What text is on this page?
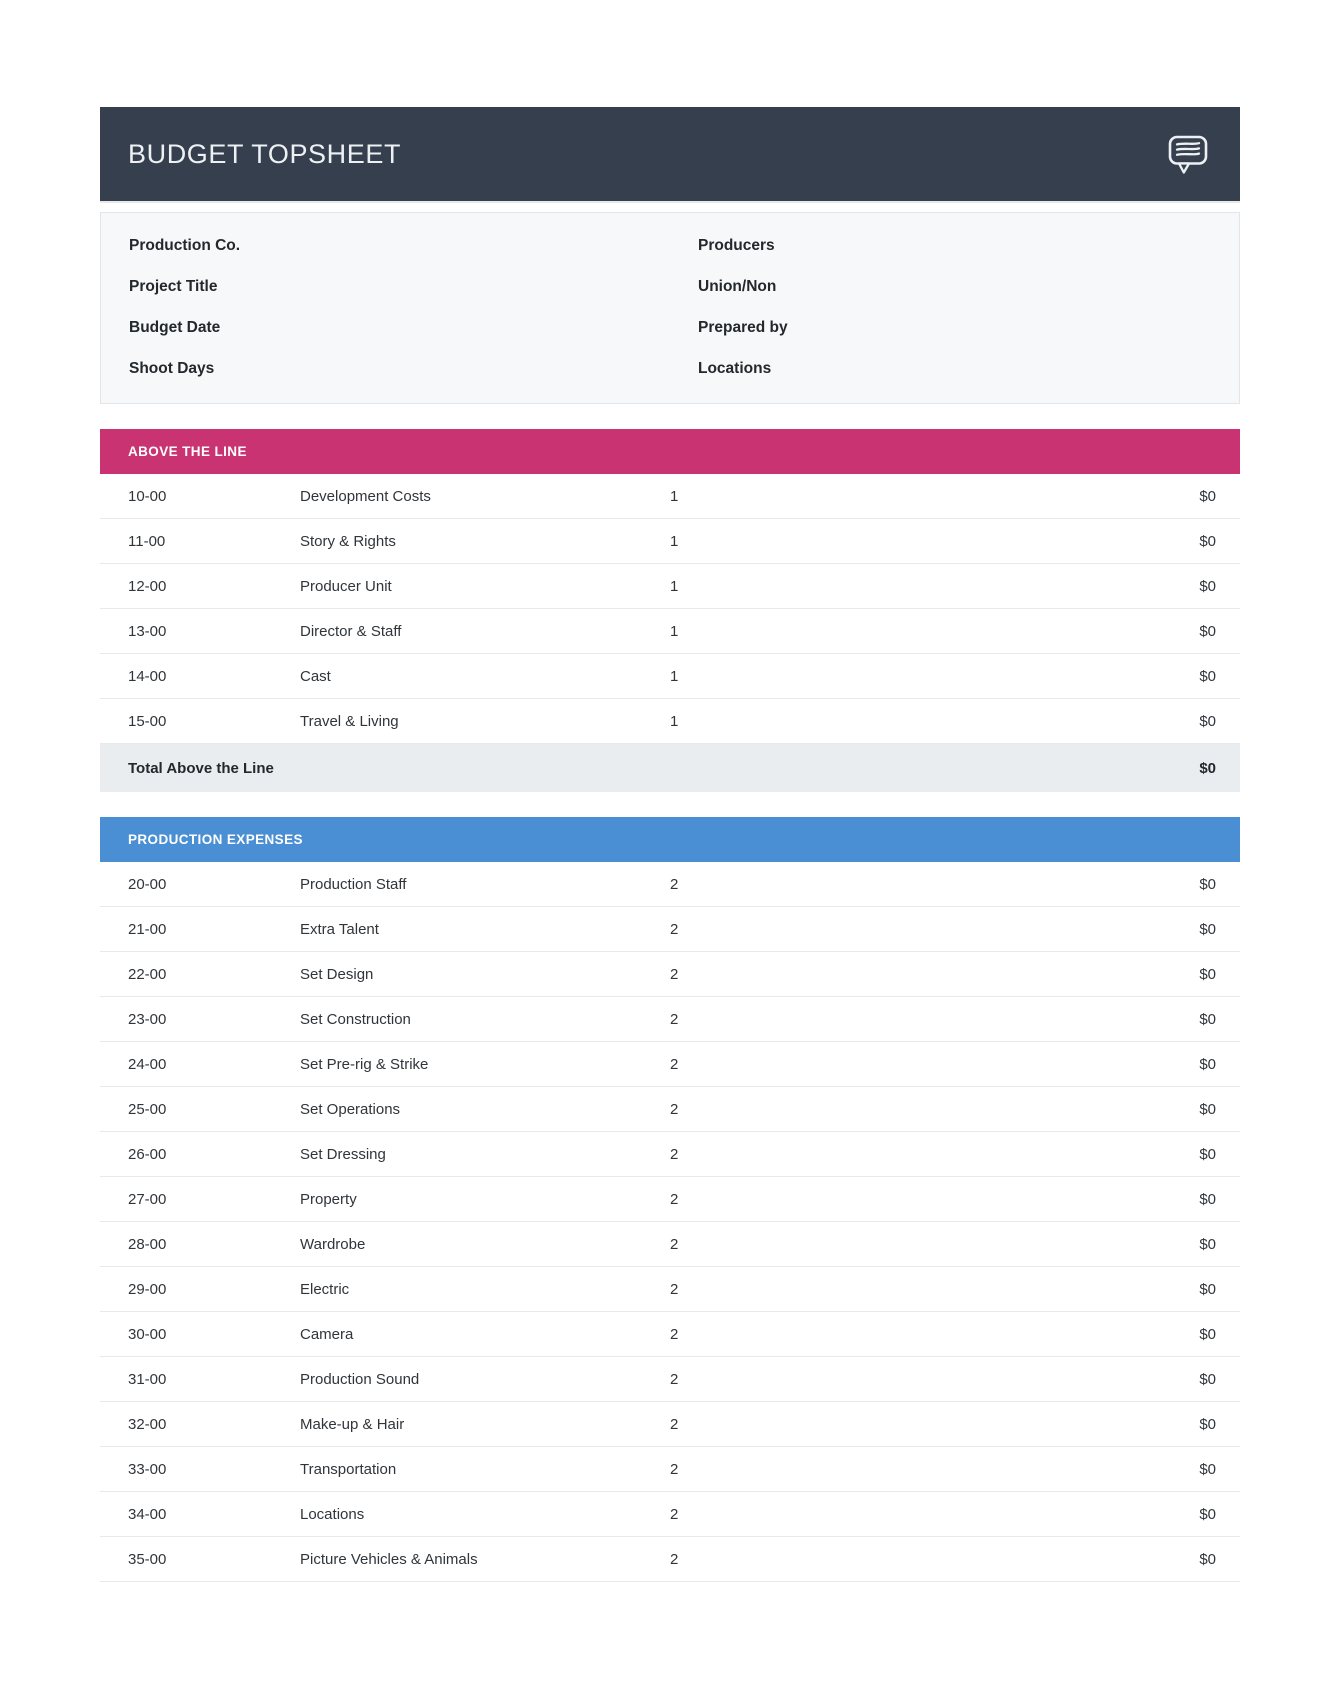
BUDGET TOPSHEET
Production Co.	Producers
Project Title	Union/Non
Budget Date	Prepared by
Shoot Days	Locations
ABOVE THE LINE
10-00	Development Costs	1	$0
11-00	Story & Rights	1	$0
12-00	Producer Unit	1	$0
13-00	Director & Staff	1	$0
14-00	Cast	1	$0
15-00	Travel & Living	1	$0
Total Above the Line	$0
PRODUCTION EXPENSES
20-00	Production Staff	2	$0
21-00	Extra Talent	2	$0
22-00	Set Design	2	$0
23-00	Set Construction	2	$0
24-00	Set Pre-rig & Strike	2	$0
25-00	Set Operations	2	$0
26-00	Set Dressing	2	$0
27-00	Property	2	$0
28-00	Wardrobe	2	$0
29-00	Electric	2	$0
30-00	Camera	2	$0
31-00	Production Sound	2	$0
32-00	Make-up & Hair	2	$0
33-00	Transportation	2	$0
34-00	Locations	2	$0
35-00	Picture Vehicles & Animals	2	$0
